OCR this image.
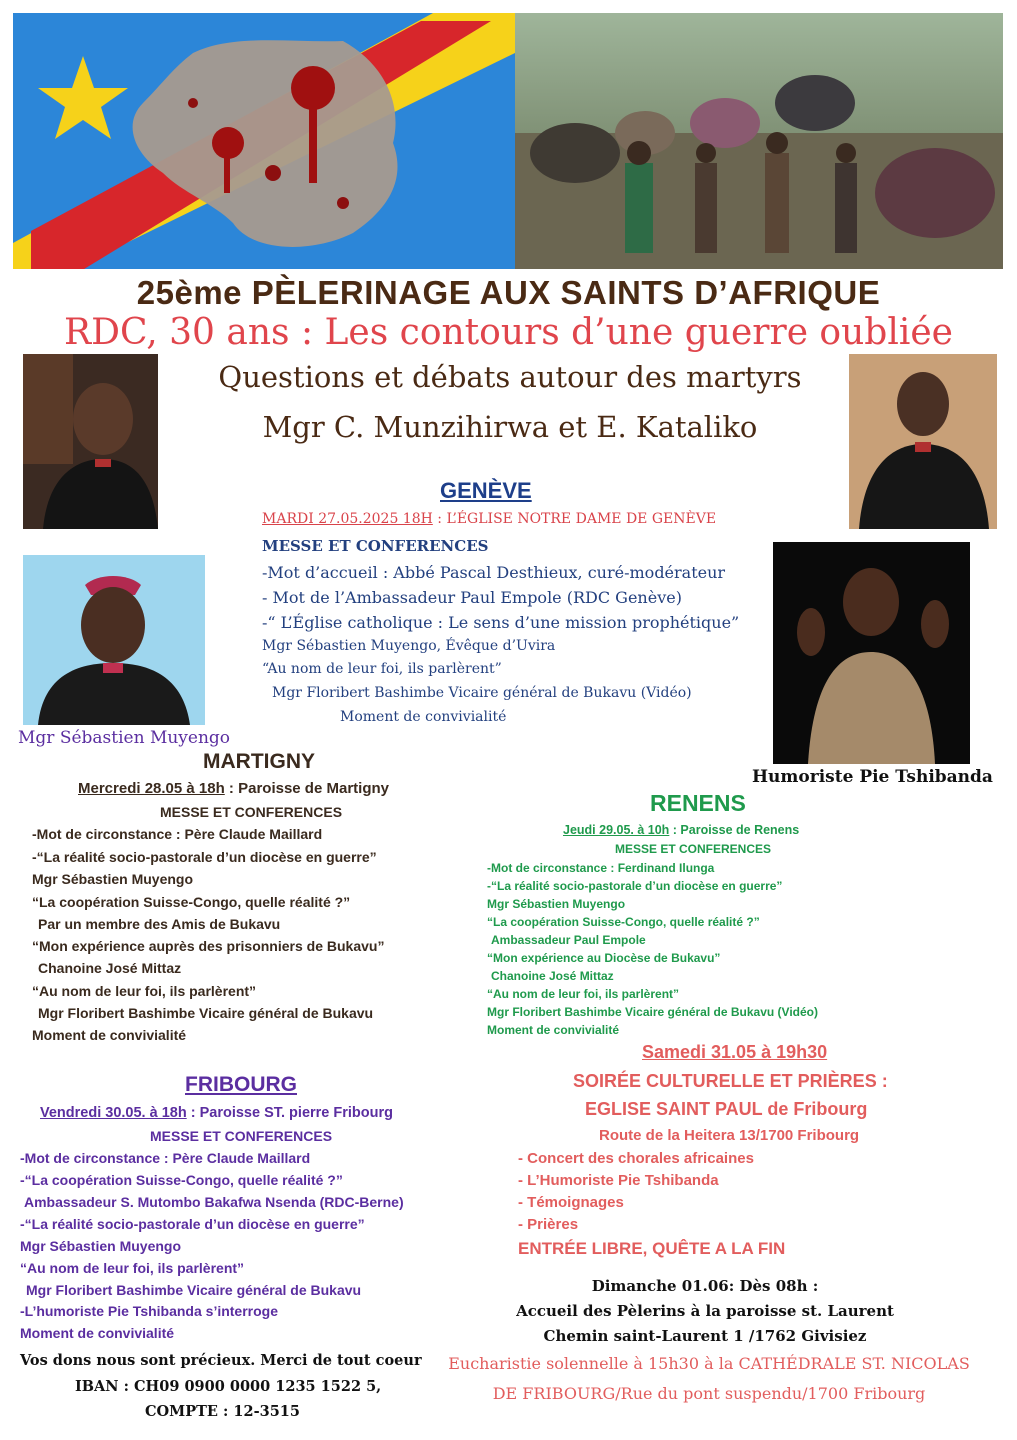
25ème PÈLERINAGE AUX SAINTS D’AFRIQUE
RDC, 30 ans : Les contours d’une guerre oubliée
Questions et débats autour des martyrs
Mgr C. Munzihirwa et E. Kataliko
Mgr Sébastien Muyengo
Humoriste Pie Tshibanda
GENÈVE
MARDI 27.05.2025 18H : L’ÉGLISE NOTRE DAME DE GENÈVE
MESSE ET CONFERENCES
-Mot d’accueil : Abbé Pascal Desthieux, curé-modérateur
- Mot de l’Ambassadeur Paul Empole (RDC Genève)
-“ L’Église catholique : Le sens d’une mission prophétique”
Mgr Sébastien Muyengo, Évêque d’Uvira
“Au nom de leur foi, ils parlèrent”
Mgr Floribert Bashimbe Vicaire général de Bukavu (Vidéo)
Moment de convivialité
MARTIGNY
Mercredi 28.05 à 18h : Paroisse de Martigny
MESSE ET CONFERENCES
-Mot de circonstance : Père Claude Maillard
-“La réalité socio-pastorale d’un diocèse en guerre”
Mgr Sébastien Muyengo
“La coopération Suisse-Congo, quelle réalité ?”
Par un membre des Amis de Bukavu
“Mon expérience auprès des prisonniers de Bukavu”
Chanoine José Mittaz
“Au nom de leur foi, ils parlèrent”
Mgr Floribert Bashimbe Vicaire général de Bukavu
Moment de convivialité
RENENS
Jeudi 29.05. à 10h : Paroisse de Renens
MESSE ET CONFERENCES
-Mot de circonstance : Ferdinand Ilunga
-“La réalité socio-pastorale d’un diocèse en guerre”
Mgr Sébastien Muyengo
“La coopération Suisse-Congo, quelle réalité ?”
Ambassadeur Paul Empole
“Mon expérience au Diocèse de Bukavu”
Chanoine José Mittaz
“Au nom de leur foi, ils parlèrent”
Mgr Floribert Bashimbe Vicaire général de Bukavu (Vidéo)
Moment de convivialité
FRIBOURG
Vendredi 30.05. à 18h : Paroisse ST. pierre Fribourg
MESSE ET CONFERENCES
-Mot de circonstance : Père Claude Maillard
-“La coopération Suisse-Congo, quelle réalité ?”
Ambassadeur S. Mutombo Bakafwa Nsenda (RDC-Berne)
-“La réalité socio-pastorale d’un diocèse en guerre”
Mgr Sébastien Muyengo
“Au nom de leur foi, ils parlèrent”
Mgr Floribert Bashimbe Vicaire général de Bukavu
-L’humoriste Pie Tshibanda s’interroge
Moment de convivialité
Samedi 31.05 à 19h30
SOIRÉE CULTURELLE ET PRIÈRES :
EGLISE SAINT PAUL de Fribourg
Route de la Heitera 13/1700 Fribourg
- Concert des chorales africaines
- L’Humoriste Pie Tshibanda
- Témoignages
- Prières
ENTRÉE LIBRE, QUÊTE A LA FIN
Dimanche 01.06: Dès 08h :
Accueil des Pèlerins à la paroisse st. Laurent
Chemin saint-Laurent 1 /1762 Givisiez
Eucharistie solennelle à 15h30 à la CATHÉDRALE ST. NICOLAS
DE FRIBOURG/Rue du pont suspendu/1700 Fribourg
Vos dons nous sont précieux. Merci de tout coeur
IBAN : CH09 0900 0000 1235 1522 5,
COMPTE : 12-3515
